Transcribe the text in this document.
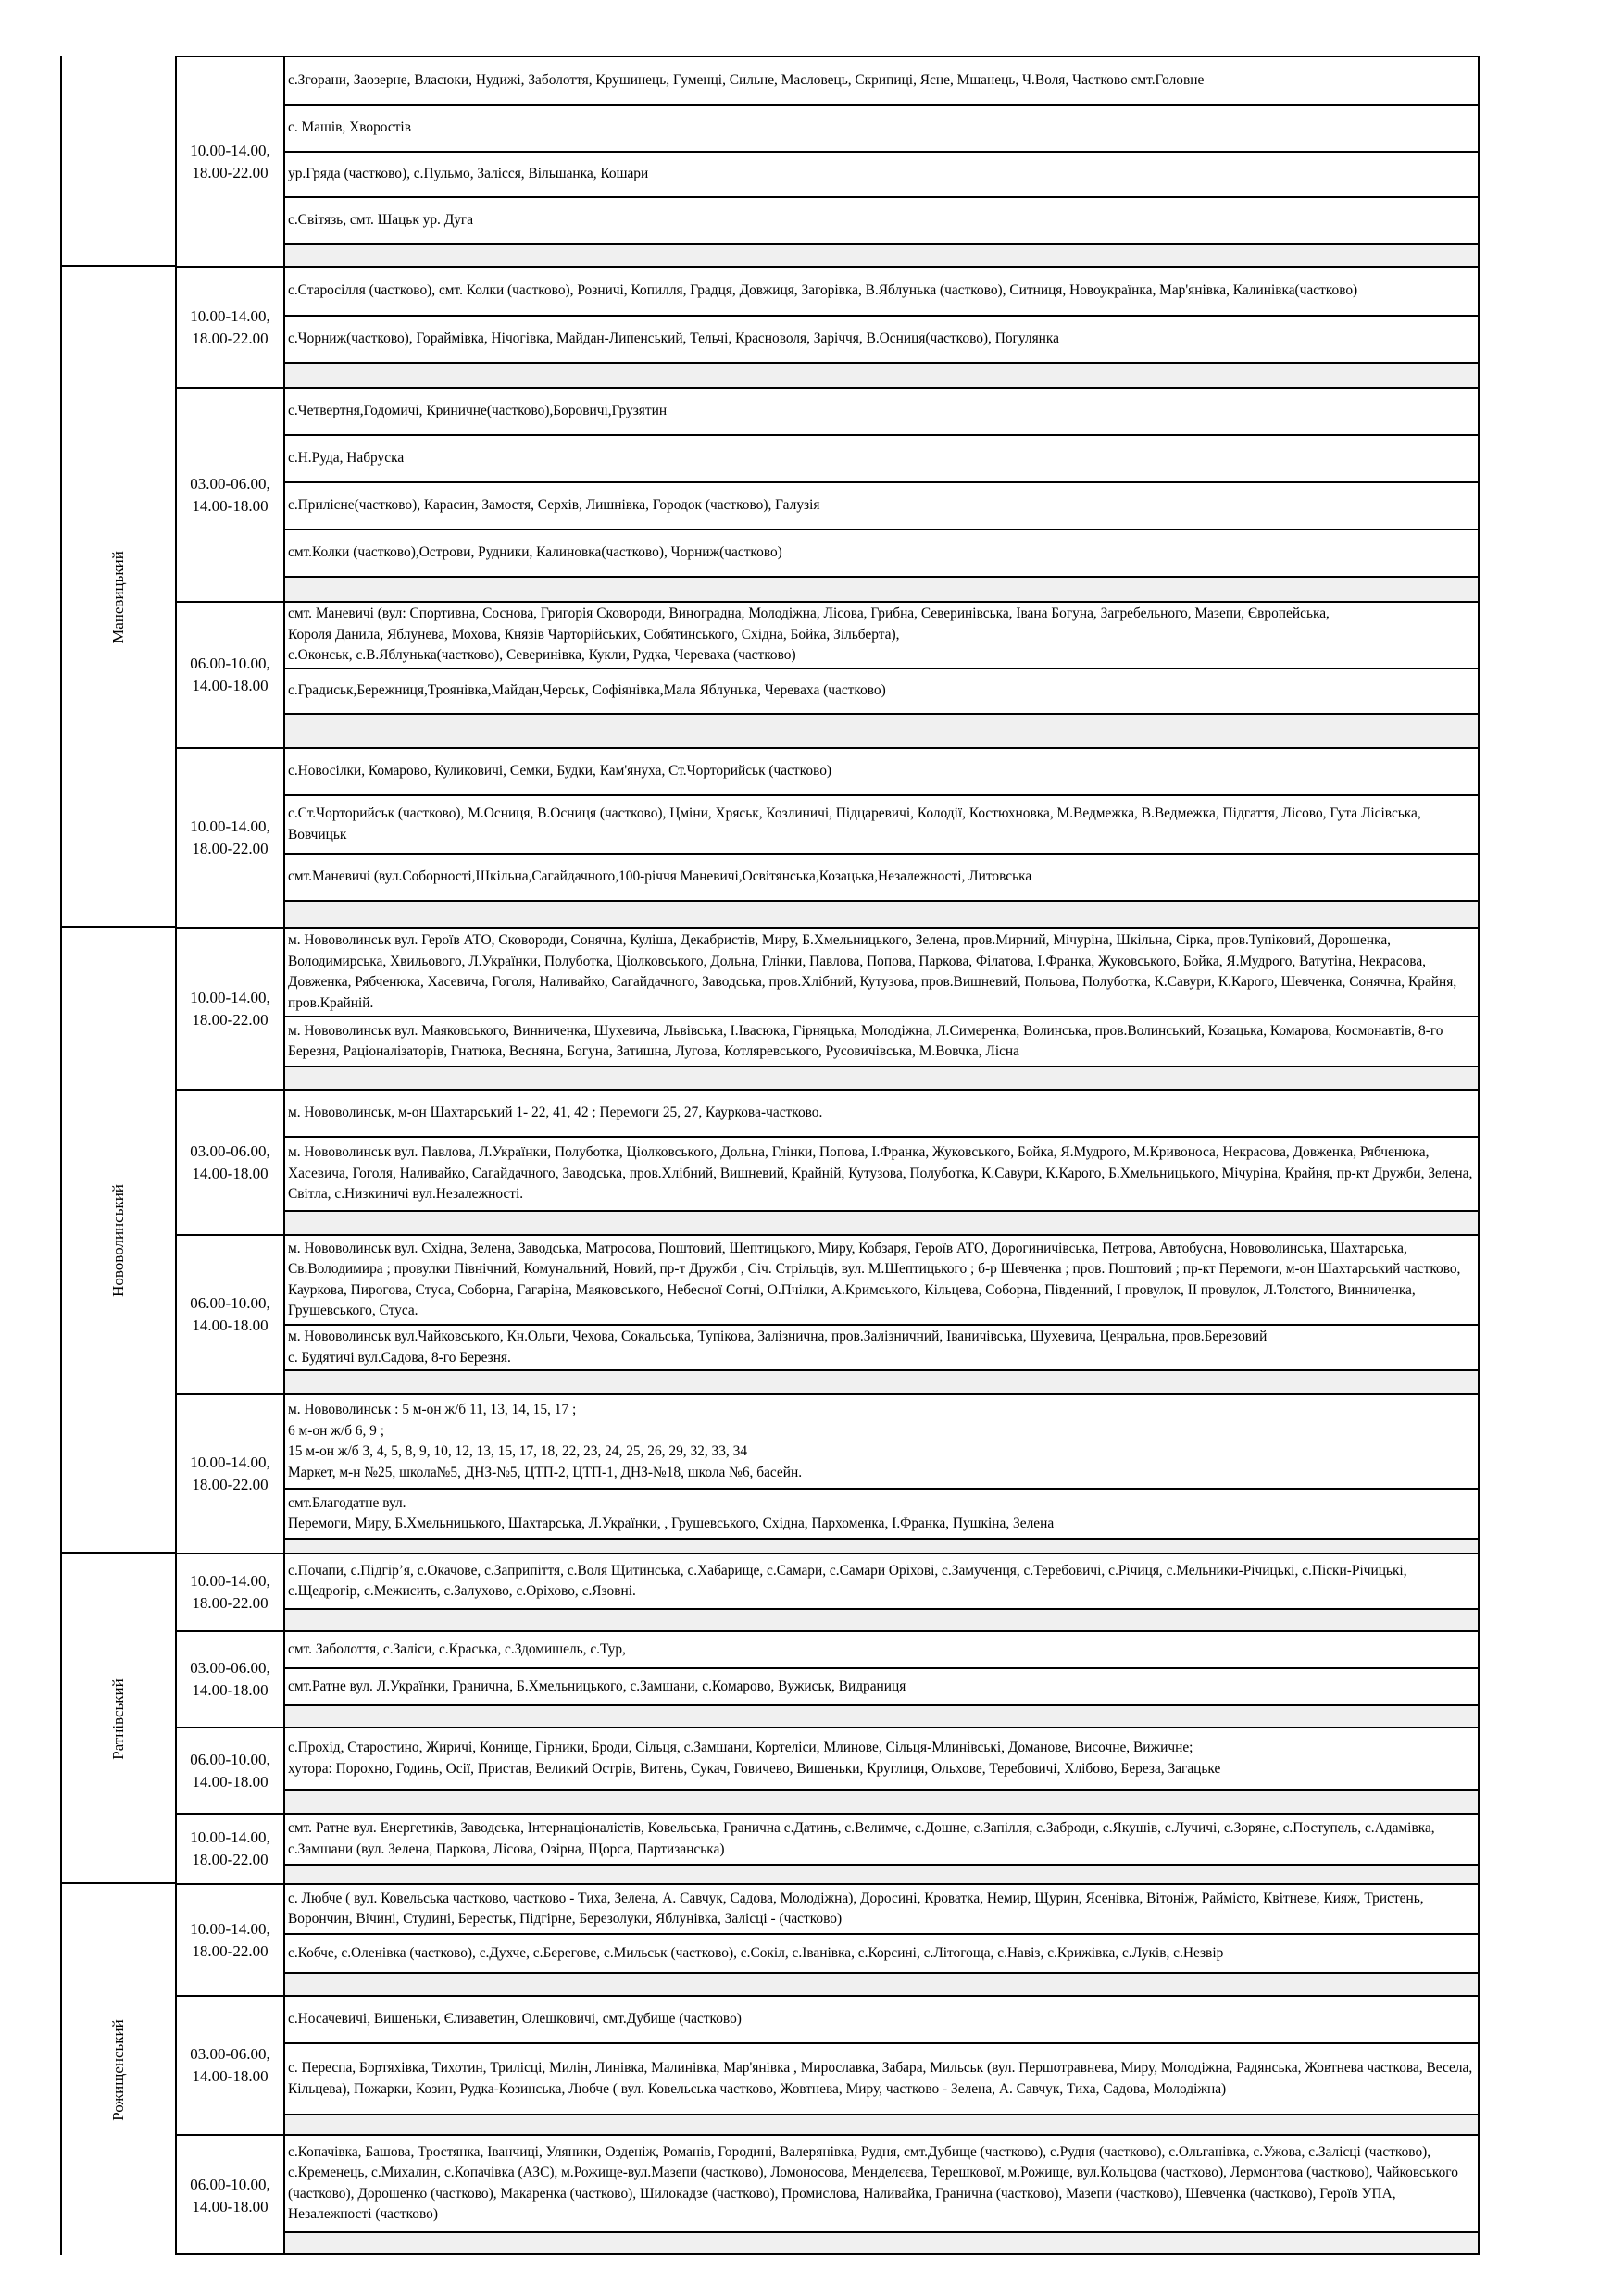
Маневицький
Нововолинський
Ратнівський
Рожищенський
10.00-14.00,
18.00-22.00
с.Згорани, Заозерне, Власюки, Нудижі, Заболоття, Крушинець, Гуменці, Сильне, Масловець, Скрипиці, Ясне, Мшанець, Ч.Воля, Частково смт.Головне
с. Машів, Хворостів
ур.Гряда (частково), с.Пульмо, Залісся, Вільшанка, Кошари
с.Світязь, смт. Шацьк ур. Дуга
10.00-14.00,
18.00-22.00
с.Старосілля (частково), смт. Колки (частково), Розничі, Копилля, Градця, Довжиця, Загорівка, В.Яблунька (частково), Ситниця, Новоукраїнка, Мар'янівка, Калинівка(частково)
с.Чорниж(частково), Гораймівка, Нічогівка, Майдан-Липенський, Тельчі, Красноволя, Заріччя, В.Осниця(частково), Погулянка
03.00-06.00,
14.00-18.00
с.Четвертня,Годомичі, Криничне(частково),Боровичі,Грузятин
с.Н.Руда, Набруска
с.Прилісне(частково), Карасин, Замостя, Серхів, Лишнівка, Городок (частково), Галузія
смт.Колки (частково),Острови, Рудники, Калиновка(частково), Чорниж(частково)
06.00-10.00,
14.00-18.00
смт. Маневичі (вул: Спортивна, Соснова, Григорія Сковороди, Виноградна, Молодіжна, Лісова, Грибна, Северинівська, Івана Богуна, Загребельного, Мазепи, Європейська,
Короля Данила, Яблунева, Мохова, Князів Чарторійських, Собятинського, Східна, Бойка, Зільберта),
с.Оконськ, с.В.Яблунька(частково), Северинівка, Кукли, Рудка, Череваха (частково)
с.Градиськ,Бережниця,Троянівка,Майдан,Черськ, Софіянівка,Мала Яблунька, Череваха (частково)
10.00-14.00,
18.00-22.00
с.Новосілки, Комарово, Куликовичі, Семки, Будки, Кам'януха, Ст.Чорторийськ (частково)
с.Ст.Чорторийськ (частково), М.Осниця, В.Осниця (частково), Цміни, Хряськ, Козлиничі, Підцаревичі, Колодії, Костюхновка, М.Ведмежка, В.Ведмежка, Підгаття, Лісово, Гута Лісівська, Вовчицьк
смт.Маневичі (вул.Соборності,Шкільна,Сагайдачного,100-річчя Маневичі,Освітянська,Козацька,Незалежності, Литовська
10.00-14.00,
18.00-22.00
м. Нововолинськ вул. Героїв АТО, Сковороди, Сонячна, Куліша, Декабристів, Миру, Б.Хмельницького, Зелена, пров.Мирний, Мічуріна, Шкільна, Сірка, пров.Тупіковий, Дорошенка, Володимирська, Хвильового, Л.Українки, Полуботка, Ціолковського, Дольна, Глінки, Павлова, Попова, Паркова, Філатова, І.Франка, Жуковського, Бойка, Я.Мудрого, Ватутіна, Некрасова, Довженка, Рябченюка, Хасевича, Гоголя, Наливайко, Сагайдачного, Заводська, пров.Хлібний, Кутузова, пров.Вишневий, Польова, Полуботка, К.Савури, К.Карого, Шевченка, Сонячна, Крайня, пров.Крайній.
м. Нововолинськ вул. Маяковського, Винниченка, Шухевича, Львівська, І.Івасюка, Гірняцька, Молодіжна, Л.Симеренка, Волинська, пров.Волинський, Козацька, Комарова, Космонавтів, 8-го Березня, Раціоналізаторів, Гнатюка, Весняна, Богуна, Затишна, Лугова, Котляревського, Русовичівська, М.Вовчка, Лісна
03.00-06.00,
14.00-18.00
м. Нововолинськ, м-он Шахтарський 1- 22, 41, 42 ; Перемоги 25, 27, Каурковa-частково.
м. Нововолинськ вул. Павлова, Л.Українки, Полуботка, Ціолковського, Дольна, Глінки, Попова, І.Франка, Жуковського, Бойка, Я.Мудрого, М.Кривоноса, Некрасова, Довженка, Рябченюка, Хасевича, Гоголя, Наливайко, Сагайдачного, Заводська, пров.Хлібний, Вишневий, Крайній, Кутузова, Полуботка, К.Савури, К.Карого, Б.Хмельницького, Мічуріна, Крайня, пр-кт Дружби, Зелена, Світла, с.Низкиничі вул.Незалежності.
06.00-10.00,
14.00-18.00
м. Нововолинськ вул. Східна, Зелена, Заводська, Матросова, Поштовий, Шептицького, Миру, Кобзаря, Героїв АТО, Дорогиничівська, Петрова, Автобусна, Нововолинська, Шахтарська, Св.Володимира ; провулки Північний, Комунальний, Новий, пр-т Дружби , Січ. Стрільців, вул. М.Шептицького ; б-р Шевченка ; пров. Поштовий ; пр-кт Перемоги, м-он Шахтарський частково, Каурковa, Пирогова, Стуса, Соборна, Гагаріна, Маяковського, Небесної Сотні, О.Пчілки, А.Кримського, Кільцева, Соборна, Південний, І провулок, ІІ провулок, Л.Толстого, Винниченка, Грушевського, Стуса.
м. Нововолинськ вул.Чайковського, Кн.Ольги, Чехова, Сокальська, Тупікова, Залізнична, пров.Залізничний, Іваничівська, Шухевича, Ценральна, пров.Березовий
с. Будятичі вул.Садова, 8-го Березня.
10.00-14.00,
18.00-22.00
м. Нововолинськ : 5 м-он ж/б 11, 13, 14, 15, 17 ;
6 м-он ж/б 6, 9 ;
15 м-он ж/б 3, 4, 5, 8, 9, 10, 12, 13, 15, 17, 18, 22, 23, 24, 25, 26, 29, 32, 33, 34
Маркет, м-н №25, школа№5, ДНЗ-№5, ЦТП-2, ЦТП-1, ДНЗ-№18, школа №6, басейн.
смт.Благодатне вул.
Перемоги, Миру, Б.Хмельницького, Шахтарська, Л.Українки, , Грушевського, Східна, Пархоменка, І.Франка, Пушкіна, Зелена
10.00-14.00,
18.00-22.00
с.Почапи, с.Підгір’я, с.Окачове, с.Заприпіття, с.Воля Щитинська, с.Хабарище, с.Самари, с.Самари Оріхові, с.Замученця, с.Теребовичі, с.Річиця, с.Мельники-Річицькі, с.Піски-Річицькі, с.Щедрогір, с.Межисить, с.Залухово, с.Оріхово, с.Язовні.
03.00-06.00,
14.00-18.00
смт. Заболоття, с.Заліси, с.Краська, с.Здомишель, с.Тур,
смт.Ратне вул. Л.Українки, Гранична, Б.Хмельницького, с.Замшани, с.Комарово, Вужиськ, Видраниця
06.00-10.00,
14.00-18.00
с.Прохід, Старостино, Жиричі, Конище, Гірники, Броди, Сільця, с.Замшани, Кортеліси, Млинове, Сільця-Млинівські, Доманове, Височне, Вижичне;
хутора: Порохно, Годинь, Осії, Пристав, Великий Острів, Витень, Сукач, Говичево, Вишеньки, Круглиця, Ольхове, Теребовичі, Хлібово, Береза, Загацьке
10.00-14.00,
18.00-22.00
смт. Ратне вул. Енергетиків, Заводська, Інтернаціоналістів, Ковельська, Гранична с.Датинь, с.Велимче, с.Дошне, с.Запілля, с.Заброди, с.Якушів, с.Лучичі, с.Зоряне, с.Поступель, с.Адамівка, с.Замшани (вул. Зелена, Паркова, Лісова, Озірна, Щорса, Партизанська)
10.00-14.00,
18.00-22.00
с. Любче ( вул. Ковельська частково, частково - Тиха, Зелена, А. Савчук, Садова, Молодіжна), Доросині, Кроватка, Немир, Щурин, Ясенівка, Вітоніж, Раймісто, Квітневе, Кияж, Тристень, Ворончин, Вічині, Студині, Берестьк, Підгірне, Березолуки, Яблунівка, Залісці - (частково)
с.Кобче, с.Оленівка (частково), с.Духче, с.Берегове, с.Мильськ (частково), с.Сокіл, с.Іванівка, с.Корсині, с.Літогоща, с.Навіз, с.Крижівка, с.Луків, с.Незвір
03.00-06.00,
14.00-18.00
с.Носачевичі, Вишеньки, Єлизаветин, Олешковичі, смт.Дубище (частково)
с. Переспа, Бортяхівка, Тихотин, Трилісці, Милін, Линівка, Малинівка, Мар'янівка , Мирославка, Забара, Мильськ (вул. Першотравнева, Миру, Молодіжна, Радянська, Жовтнева часткова, Весела, Кільцева), Пожарки, Козин, Рудка-Козинська, Любче ( вул. Ковельська частково, Жовтнева, Миру, частково - Зелена, А. Савчук, Тиха, Садова, Молодіжна)
06.00-10.00,
14.00-18.00
с.Копачівка, Башова, Тростянка, Іванчиці, Уляники, Озденіж, Романів, Городині, Валерянівка, Рудня, смт.Дубище (частково), с.Рудня (частково), с.Ольганівка, с.Ужова, с.Залісці (частково), с.Кременець, с.Михалин, с.Копачівка (АЗС), м.Рожище-вул.Мазепи (частково), Ломоносова, Менделєєва, Терешкової, м.Рожище, вул.Кольцова (частково), Лермонтова (частково), Чайковського (частково), Дорошенко (частково), Макаренка (частково), Шилокадзе (частково), Промислова, Наливайка, Гранична (частково), Мазепи (частково), Шевченка (частково), Героїв УПА, Незалежності (частково)
